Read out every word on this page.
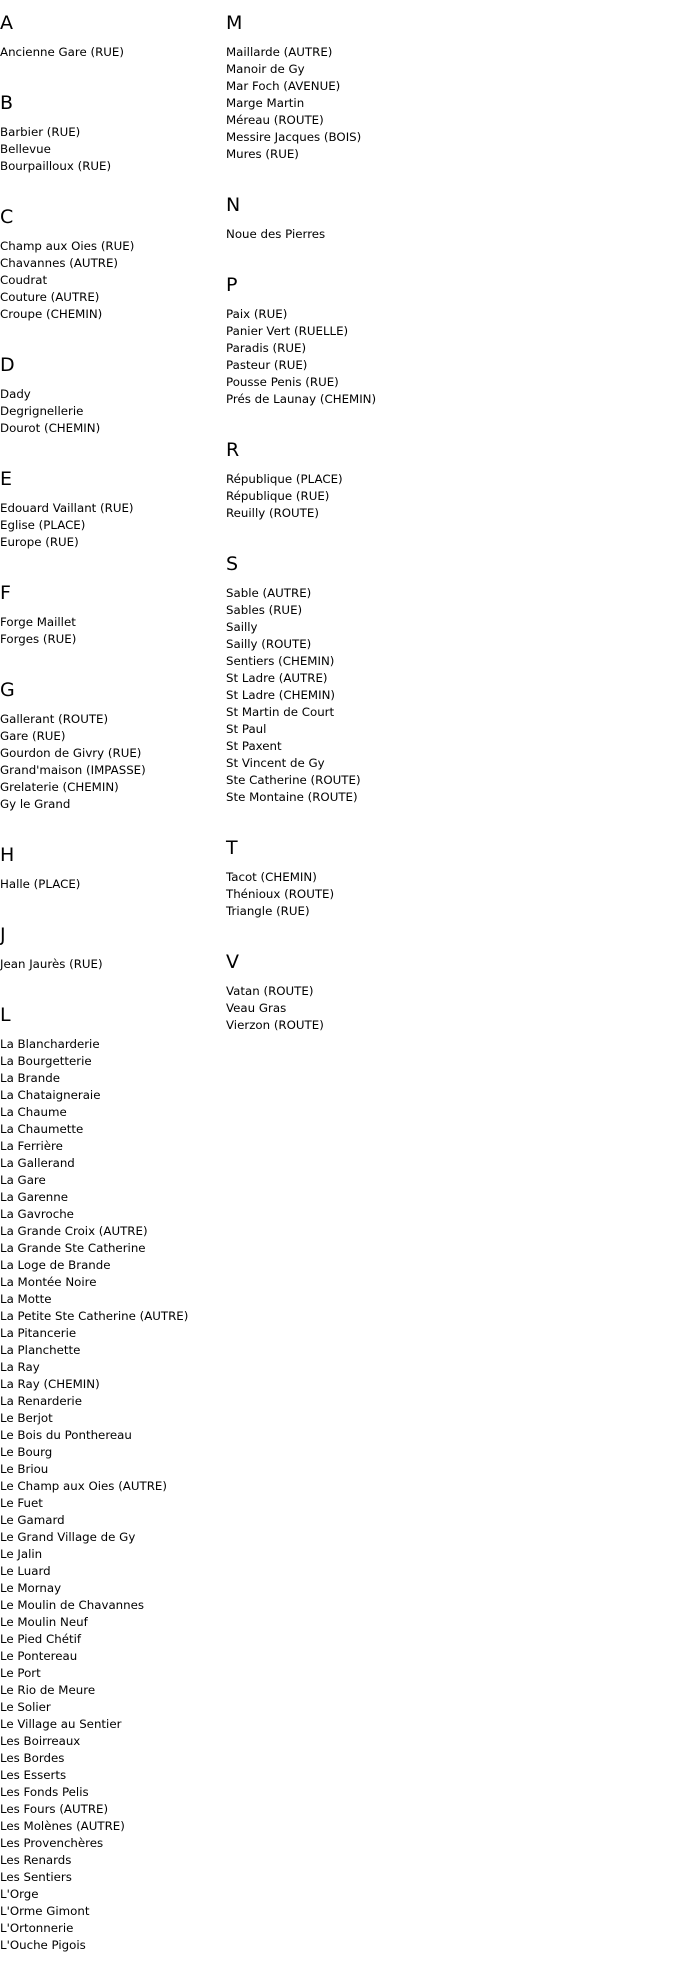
A
Ancienne Gare (RUE)
B
Barbier (RUE)
Bellevue
Bourpailloux (RUE)
C
Champ aux Oies (RUE)
Chavannes (AUTRE)
Coudrat
Couture (AUTRE)
Croupe (CHEMIN)
D
Dady
Degrignellerie
Dourot (CHEMIN)
E
Edouard Vaillant (RUE)
Eglise (PLACE)
Europe (RUE)
F
Forge Maillet
Forges (RUE)
G
Gallerant (ROUTE)
Gare (RUE)
Gourdon de Givry (RUE)
Grand'maison (IMPASSE)
Grelaterie (CHEMIN)
Gy le Grand
H
Halle (PLACE)
J
Jean Jaurès (RUE)
L
La Blancharderie
La Bourgetterie
La Brande
La Chataigneraie
La Chaume
La Chaumette
La Ferrière
La Gallerand
La Gare
La Garenne
La Gavroche
La Grande Croix (AUTRE)
La Grande Ste Catherine
La Loge de Brande
La Montée Noire
La Motte
La Petite Ste Catherine (AUTRE)
La Pitancerie
La Planchette
La Ray
La Ray (CHEMIN)
La Renarderie
Le Berjot
Le Bois du Ponthereau
Le Bourg
Le Briou
Le Champ aux Oies (AUTRE)
Le Fuet
Le Gamard
Le Grand Village de Gy
Le Jalin
Le Luard
Le Mornay
Le Moulin de Chavannes
Le Moulin Neuf
Le Pied Chétif
Le Pontereau
Le Port
Le Rio de Meure
Le Solier
Le Village au Sentier
Les Boirreaux
Les Bordes
Les Esserts
Les Fonds Pelis
Les Fours (AUTRE)
Les Molènes (AUTRE)
Les Provenchères
Les Renards
Les Sentiers
L'Orge
L'Orme Gimont
L'Ortonnerie
L'Ouche Pigois
M
Maillarde (AUTRE)
Manoir de Gy
Mar Foch (AVENUE)
Marge Martin
Méreau (ROUTE)
Messire Jacques (BOIS)
Mures (RUE)
N
Noue des Pierres
P
Paix (RUE)
Panier Vert (RUELLE)
Paradis (RUE)
Pasteur (RUE)
Pousse Penis (RUE)
Prés de Launay (CHEMIN)
R
République (PLACE)
République (RUE)
Reuilly (ROUTE)
S
Sable (AUTRE)
Sables (RUE)
Sailly
Sailly (ROUTE)
Sentiers (CHEMIN)
St Ladre (AUTRE)
St Ladre (CHEMIN)
St Martin de Court
St Paul
St Paxent
St Vincent de Gy
Ste Catherine (ROUTE)
Ste Montaine (ROUTE)
T
Tacot (CHEMIN)
Thénioux (ROUTE)
Triangle (RUE)
V
Vatan (ROUTE)
Veau Gras
Vierzon (ROUTE)
